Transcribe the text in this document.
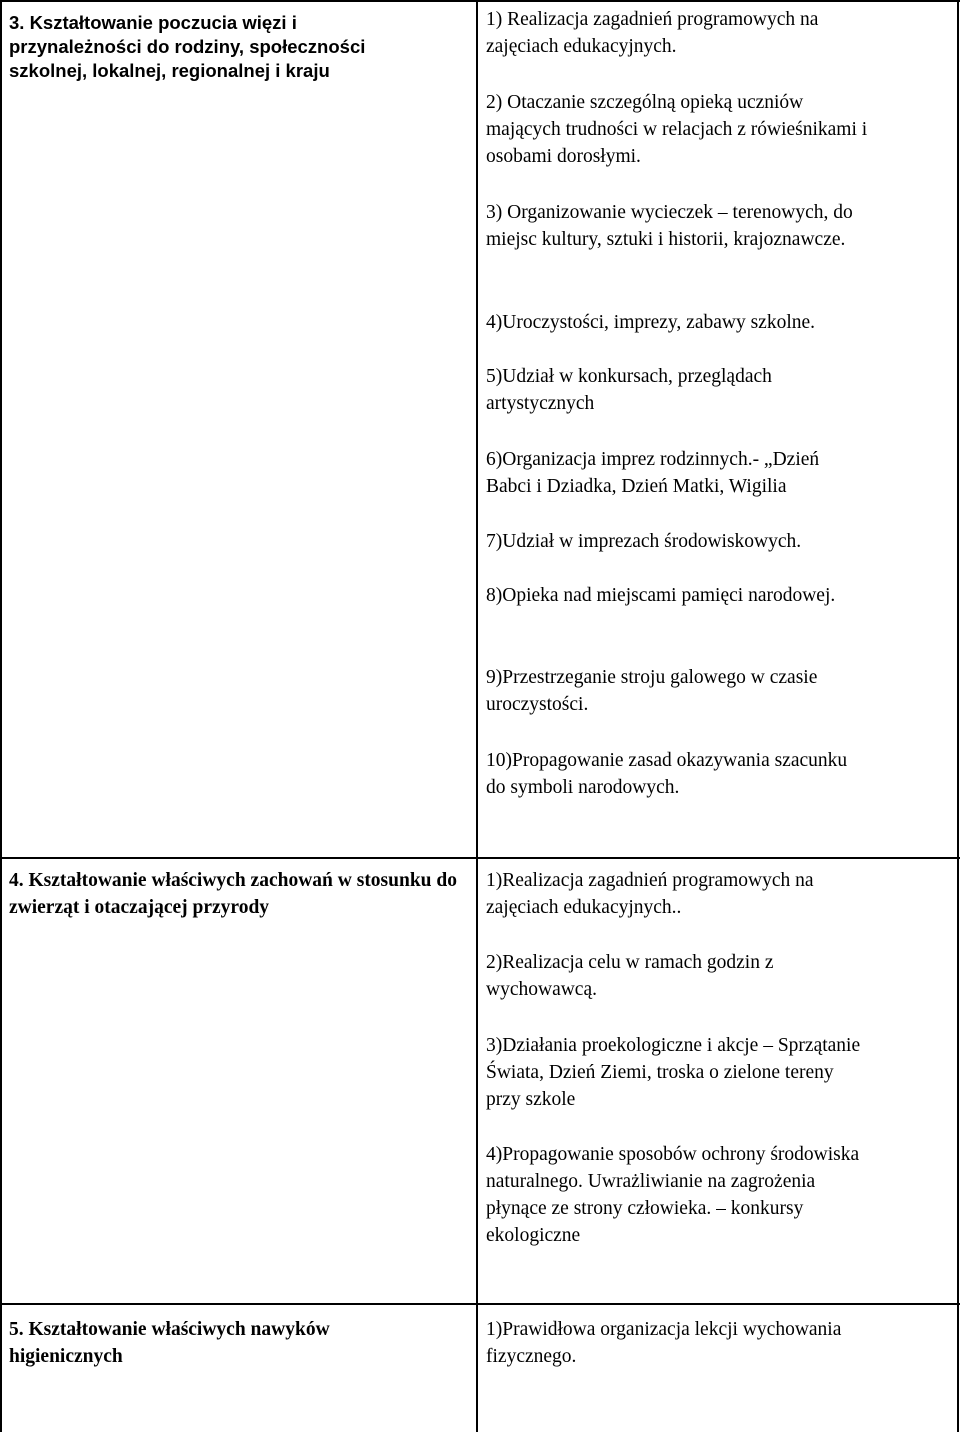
3. Kształtowanie poczucia więzi i przynależności do rodziny, społeczności szkolnej, lokalnej, regionalnej i kraju
1) Realizacja zagadnień programowych na
zajęciach edukacyjnych.
2) Otaczanie szczególną opieką uczniów
mających trudności w relacjach z rówieśnikami i
osobami dorosłymi.
3) Organizowanie wycieczek – terenowych, do
miejsc kultury, sztuki i historii, krajoznawcze.
4)Uroczystości, imprezy, zabawy szkolne.
5)Udział w konkursach, przeglądach
artystycznych
6)Organizacja imprez rodzinnych.- „Dzień
Babci i Dziadka, Dzień Matki, Wigilia
7)Udział w imprezach środowiskowych.
8)Opieka nad miejscami pamięci narodowej.
9)Przestrzeganie stroju galowego w czasie
uroczystości.
10)Propagowanie zasad okazywania szacunku
do symboli narodowych.
4. Kształtowanie właściwych zachowań w stosunku do zwierząt i otaczającej przyrody
1)Realizacja zagadnień programowych na
zajęciach edukacyjnych..
2)Realizacja celu w ramach godzin z
wychowawcą.
3)Działania proekologiczne i akcje – Sprzątanie
Świata, Dzień Ziemi, troska o zielone tereny
przy szkole
4)Propagowanie sposobów ochrony środowiska
naturalnego. Uwrażliwianie na zagrożenia
płynące ze strony człowieka. – konkursy
ekologiczne
5. Kształtowanie właściwych nawyków higienicznych
1)Prawidłowa organizacja lekcji wychowania
fizycznego.
